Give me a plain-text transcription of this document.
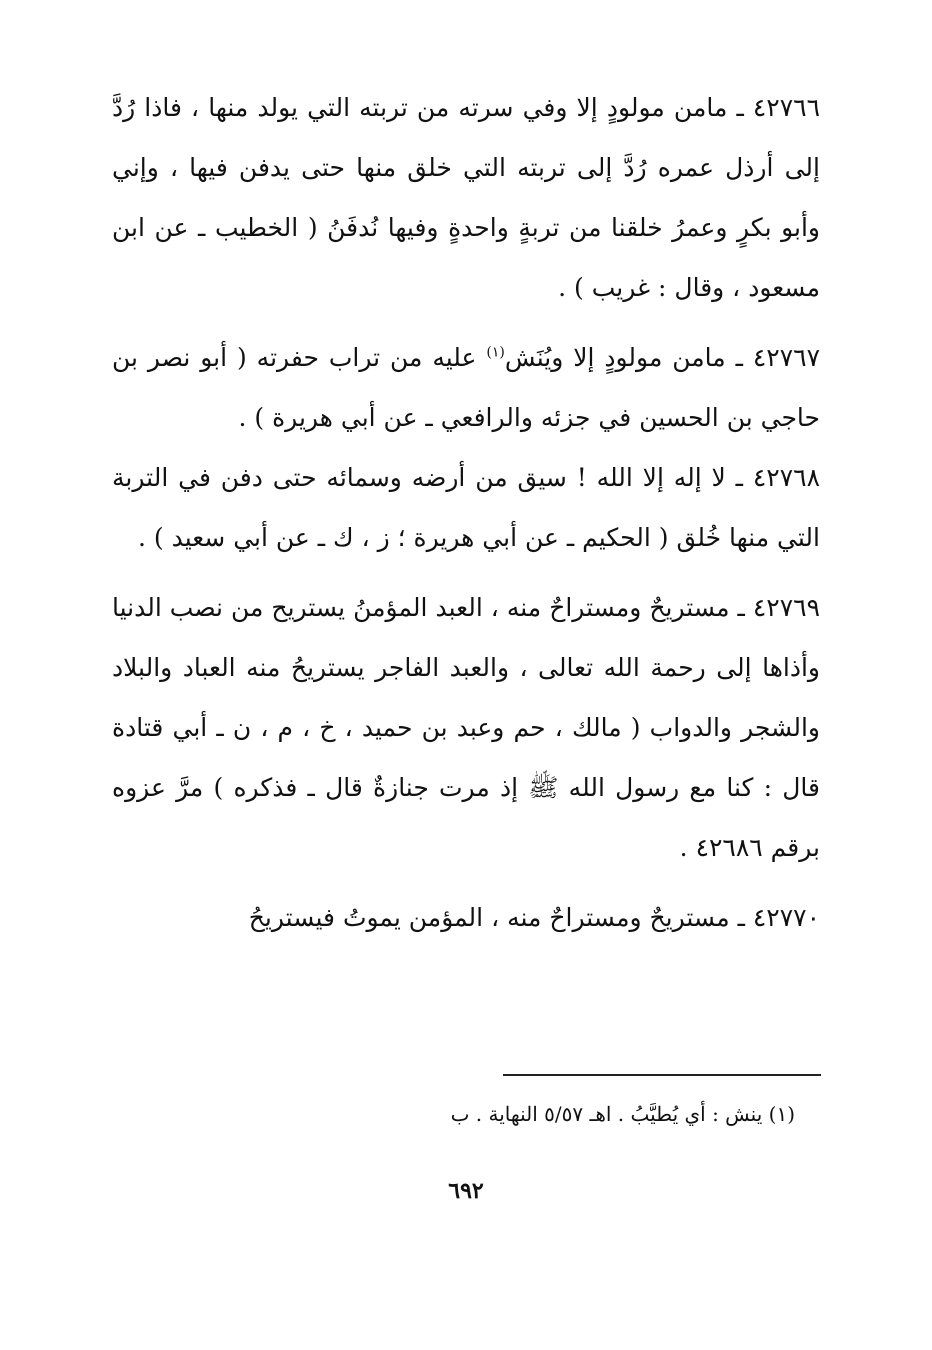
٤٢٧٦٦ ـ مامن مولودٍ إلا وفي سرته من تربته التي يولد منها ، فاذا رُدَّ إلى أرذل عمره رُدَّ إلى تربته التي خلق منها حتى يدفن فيها ، وإني وأبو بكرٍ وعمرُ خلقنا من تربةٍ واحدةٍ وفيها نُدفَنُ ( الخطيب ـ عن ابن مسعود ، وقال : غريب ) .

٤٢٧٦٧ ـ مامن مولودٍ إلا ويُنَش$^{(١)}$ عليه من تراب حفرته ( أبو نصر بن حاجي بن الحسين في جزئه والرافعي ـ عن أبي هريرة ) .

٤٢٧٦٨ ـ لا إله إلا الله ! سيق من أرضه وسمائه حتى دفن في التربة التي منها خُلق ( الحكيم ـ عن أبي هريرة ؛ ز ، ك ـ عن أبي سعيد ) .

٤٢٧٦٩ ـ مستريحٌ ومستراحٌ منه ، العبد المؤمنُ يستريح من نصب الدنيا وأذاها إلى رحمة الله تعالى ، والعبد الفاجر يستريحُ منه العباد والبلاد والشجر والدواب ( مالك ، حم وعبد بن حميد ، خ ، م ، ن ـ أبي قتادة قال : كنا مع رسول الله ﷺ إذ مرت جنازةٌ قال ـ فذكره ) مرَّ عزوه برقم ٤٢٦٨٦ .

٤٢٧٧٠ ـ مستريحٌ ومستراحٌ منه ، المؤمن يموتُ فيستريحُ

(١) ينش : أي يُطيَّبُ . اهـ ٥/٥٧ النهاية . ب
٦٩٢
